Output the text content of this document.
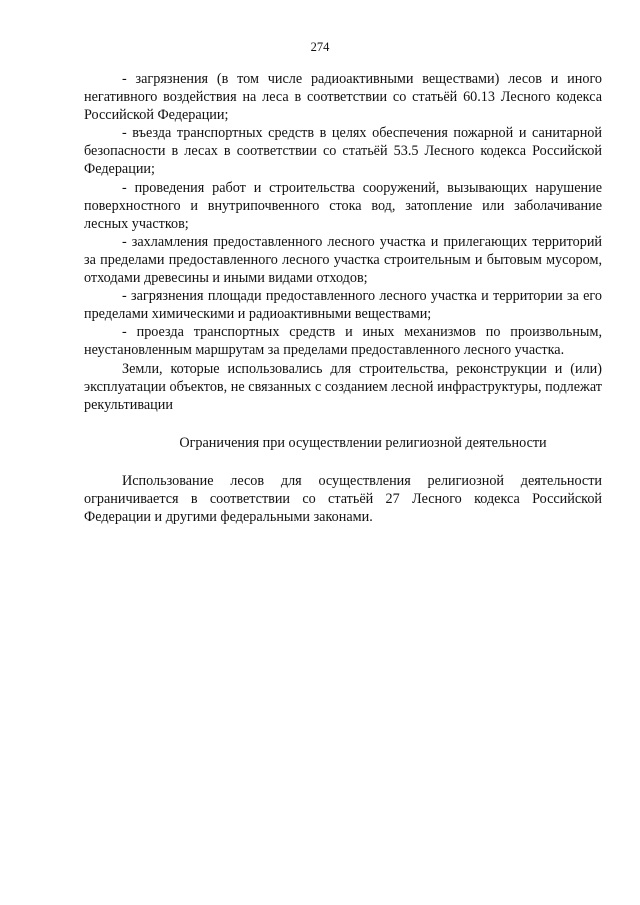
274

- загрязнения (в том числе радиоактивными веществами) лесов и иного негативного воздействия на леса в соответствии со статьёй 60.13 Лесного кодекса Российской Федерации;

- въезда транспортных средств в целях обеспечения пожарной и санитарной безопасности в лесах в соответствии со статьёй 53.5 Лесного кодекса Российской Федерации;

- проведения работ и строительства сооружений, вызывающих нарушение поверхностного и внутрипочвенного стока вод, затопление или заболачивание лесных участков;

- захламления предоставленного лесного участка и прилегающих территорий за пределами предоставленного лесного участка строительным и бытовым мусором, отходами древесины и иными видами отходов;

- загрязнения площади предоставленного лесного участка и территории за его пределами химическими и радиоактивными веществами;

- проезда транспортных средств и иных механизмов по произвольным, неустановленным маршрутам за пределами предоставленного лесного участка.

Земли, которые использовались для строительства, реконструкции и (или) эксплуатации объектов, не связанных с созданием лесной инфраструктуры, подлежат рекультивации

Ограничения при осуществлении религиозной деятельности

Использование лесов для осуществления религиозной деятельности ограничивается в соответствии со статьёй 27 Лесного кодекса Российской Федерации и другими федеральными законами.
